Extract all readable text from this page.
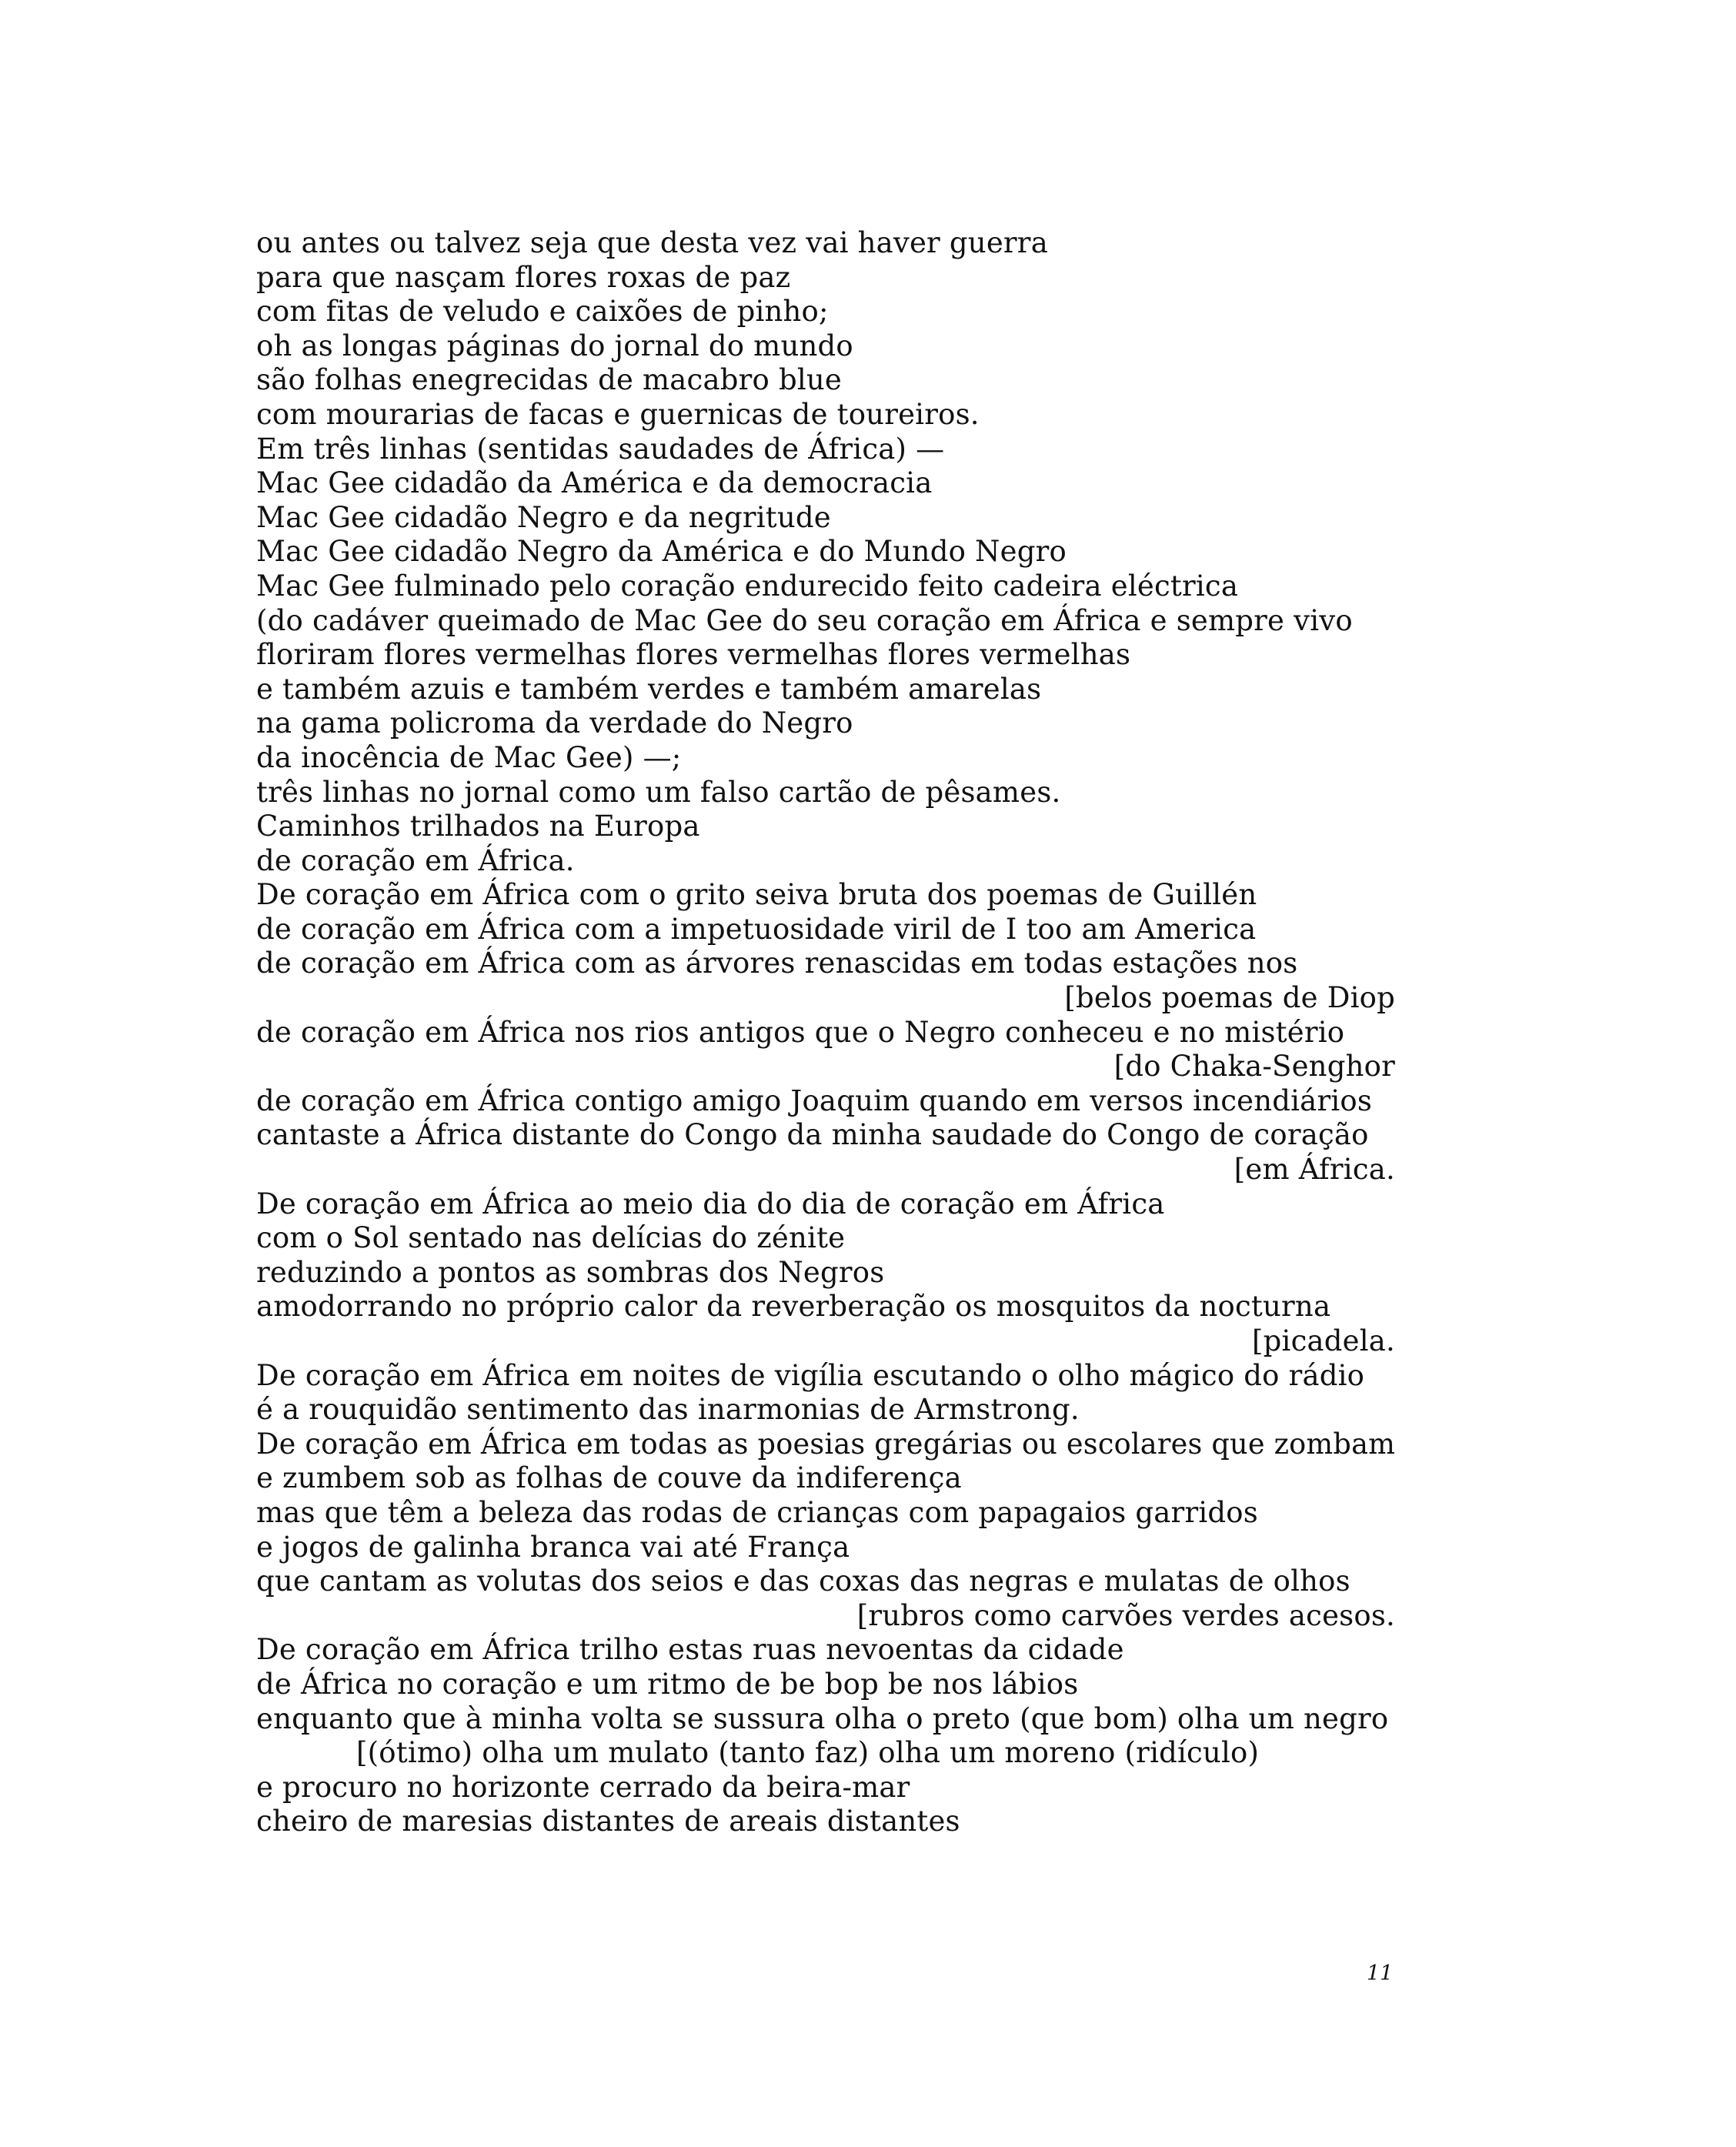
ou antes ou talvez seja que desta vez vai haver guerra
para que nasçam flores roxas de paz
com fitas de veludo e caixões de pinho;
oh as longas páginas do jornal do mundo
são folhas enegrecidas de macabro blue
com mourarias de facas e guernicas de toureiros.
Em três linhas (sentidas saudades de África) —
Mac Gee cidadão da América e da democracia
Mac Gee cidadão Negro e da negritude
Mac Gee cidadão Negro da América e do Mundo Negro
Mac Gee fulminado pelo coração endurecido feito cadeira eléctrica
(do cadáver queimado de Mac Gee do seu coração em África e sempre vivo
floriram flores vermelhas flores vermelhas flores vermelhas
e também azuis e também verdes e também amarelas
na gama policroma da verdade do Negro
da inocência de Mac Gee) —;
três linhas no jornal como um falso cartão de pêsames.
Caminhos trilhados na Europa
de coração em África.
De coração em África com o grito seiva bruta dos poemas de Guillén
de coração em África com a impetuosidade viril de I too am America
de coração em África com as árvores renascidas em todas estações nos
[belos poemas de Diop
de coração em África nos rios antigos que o Negro conheceu e no mistério
[do Chaka-Senghor
de coração em África contigo amigo Joaquim quando em versos incendiários
cantaste a África distante do Congo da minha saudade do Congo de coração
[em África.
De coração em África ao meio dia do dia de coração em África
com o Sol sentado nas delícias do zénite
reduzindo a pontos as sombras dos Negros
amodorrando no próprio calor da reverberação os mosquitos da nocturna
[picadela.
De coração em África em noites de vigília escutando o olho mágico do rádio
é a rouquidão sentimento das inarmonias de Armstrong.
De coração em África em todas as poesias gregárias ou escolares que zombam
e zumbem sob as folhas de couve da indiferença
mas que têm a beleza das rodas de crianças com papagaios garridos
e jogos de galinha branca vai até França
que cantam as volutas dos seios e das coxas das negras e mulatas de olhos
[rubros como carvões verdes acesos.
De coração em África trilho estas ruas nevoentas da cidade
de África no coração e um ritmo de be bop be nos lábios
enquanto que à minha volta se sussura olha o preto (que bom) olha um negro
[(ótimo) olha um mulato (tanto faz) olha um moreno (ridículo)
e procuro no horizonte cerrado da beira-mar
cheiro de maresias distantes de areais distantes
11
